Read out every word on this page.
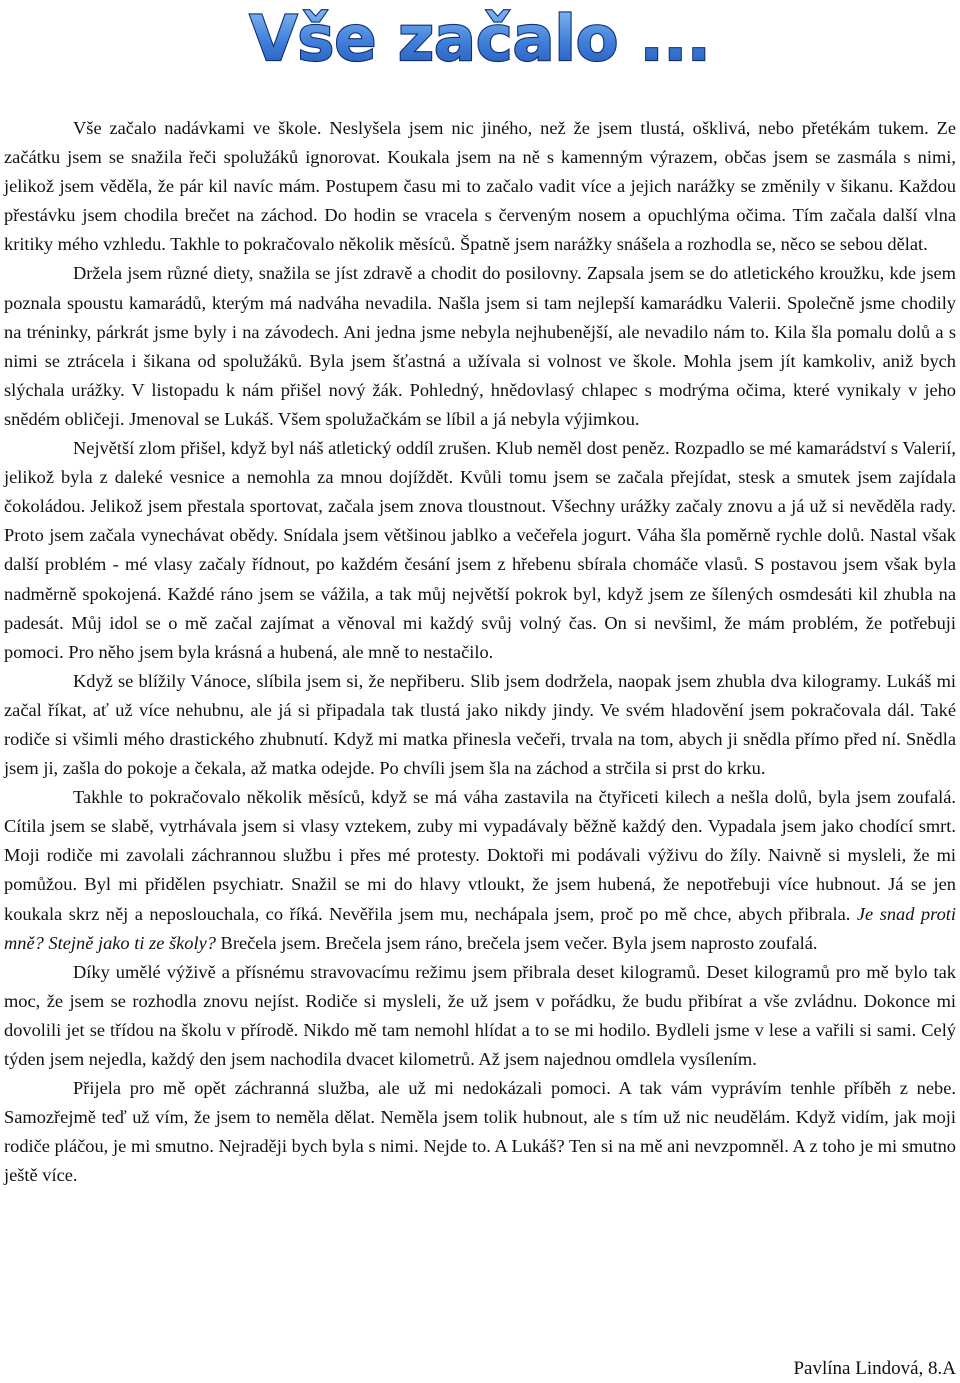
Vše začalo ...

Vše začalo nadávkami ve škole. Neslyšela jsem nic jiného, než že jsem tlustá, ošklivá, nebo přetékám tukem. Ze začátku jsem se snažila řeči spolužáků ignorovat. Koukala jsem na ně s kamenným výrazem, občas jsem se zasmála s nimi, jelikož jsem věděla, že pár kil navíc mám. Postupem času mi to začalo vadit více a jejich narážky se změnily v šikanu. Každou přestávku jsem chodila brečet na záchod. Do hodin se vracela s červeným nosem a opuchlýma očima. Tím začala další vlna kritiky mého vzhledu. Takhle to pokračovalo několik měsíců. Špatně jsem narážky snášela a rozhodla se, něco se sebou dělat.

Držela jsem různé diety, snažila se jíst zdravě a chodit do posilovny. Zapsala jsem se do atletického kroužku, kde jsem poznala spoustu kamarádů, kterým má nadváha nevadila. Našla jsem si tam nejlepší kamarádku Valerii. Společně jsme chodily na tréninky, párkrát jsme byly i na závodech. Ani jedna jsme nebyla nejhubenější, ale nevadilo nám to. Kila šla pomalu dolů a s nimi se ztrácela i šikana od spolužáků. Byla jsem šťastná a užívala si volnost ve škole. Mohla jsem jít kamkoliv, aniž bych slýchala urážky. V listopadu k nám přišel nový žák. Pohledný, hnědovlasý chlapec s modrýma očima, které vynikaly v jeho snědém obličeji. Jmenoval se Lukáš. Všem spolužačkám se líbil a já nebyla výjimkou.

Největší zlom přišel, když byl náš atletický oddíl zrušen. Klub neměl dost peněz. Rozpadlo se mé kamarádství s Valerií, jelikož byla z daleké vesnice a nemohla za mnou dojíždět. Kvůli tomu jsem se začala přejídat, stesk a smutek jsem zajídala čokoládou. Jelikož jsem přestala sportovat, začala jsem znova tloustnout. Všechny urážky začaly znovu a já už si nevěděla rady. Proto jsem začala vynechávat obědy. Snídala jsem většinou jablko a večeřela jogurt. Váha šla poměrně rychle dolů. Nastal však další problém - mé vlasy začaly řídnout, po každém česání jsem z hřebenu sbírala chomáče vlasů. S postavou jsem však byla nadměrně spokojená. Každé ráno jsem se vážila, a tak můj největší pokrok byl, když jsem ze šílených osmdesáti kil zhubla na padesát. Můj idol se o mě začal zajímat a věnoval mi každý svůj volný čas. On si nevšiml, že mám problém, že potřebuji pomoci. Pro něho jsem byla krásná a hubená, ale mně to nestačilo.

Když se blížily Vánoce, slíbila jsem si, že nepřiberu. Slib jsem dodržela, naopak jsem zhubla dva kilogramy. Lukáš mi začal říkat, ať už více nehubnu, ale já si připadala tak tlustá jako nikdy jindy. Ve svém hladovění jsem pokračovala dál. Také rodiče si všimli mého drastického zhubnutí. Když mi matka přinesla večeři, trvala na tom, abych ji snědla přímo před ní. Snědla jsem ji, zašla do pokoje a čekala, až matka odejde. Po chvíli jsem šla na záchod a strčila si prst do krku.

Takhle to pokračovalo několik měsíců, když se má váha zastavila na čtyřiceti kilech a nešla dolů, byla jsem zoufalá. Cítila jsem se slabě, vytrhávala jsem si vlasy vztekem, zuby mi vypadávaly běžně každý den. Vypadala jsem jako chodící smrt. Moji rodiče mi zavolali záchrannou službu i přes mé protesty. Doktoři mi podávali výživu do žíly. Naivně si mysleli, že mi pomůžou. Byl mi přidělen psychiatr. Snažil se mi do hlavy vtloukt, že jsem hubená, že nepotřebuji více hubnout. Já se jen koukala skrz něj a neposlouchala, co říká. Nevěřila jsem mu, nechápala jsem, proč po mě chce, abych přibrala. Je snad proti mně? Stejně jako ti ze školy? Brečela jsem. Brečela jsem ráno, brečela jsem večer. Byla jsem naprosto zoufalá.

Díky umělé výživě a přísnému stravovacímu režimu jsem přibrala deset kilogramů. Deset kilogramů pro mě bylo tak moc, že jsem se rozhodla znovu nejíst. Rodiče si mysleli, že už jsem v pořádku, že budu přibírat a vše zvládnu. Dokonce mi dovolili jet se třídou na školu v přírodě. Nikdo mě tam nemohl hlídat a to se mi hodilo. Bydleli jsme v lese a vařili si sami. Celý týden jsem nejedla, každý den jsem nachodila dvacet kilometrů. Až jsem najednou omdlela vysílením.

Přijela pro mě opět záchranná služba, ale už mi nedokázali pomoci. A tak vám vyprávím tenhle příběh z nebe. Samozřejmě teď už vím, že jsem to neměla dělat. Neměla jsem tolik hubnout, ale s tím už nic neudělám. Když vidím, jak moji rodiče pláčou, je mi smutno. Nejraději bych byla s nimi. Nejde to. A Lukáš? Ten si na mě ani nevzpomněl. A z toho je mi smutno ještě více.

Pavlína Lindová, 8.A
